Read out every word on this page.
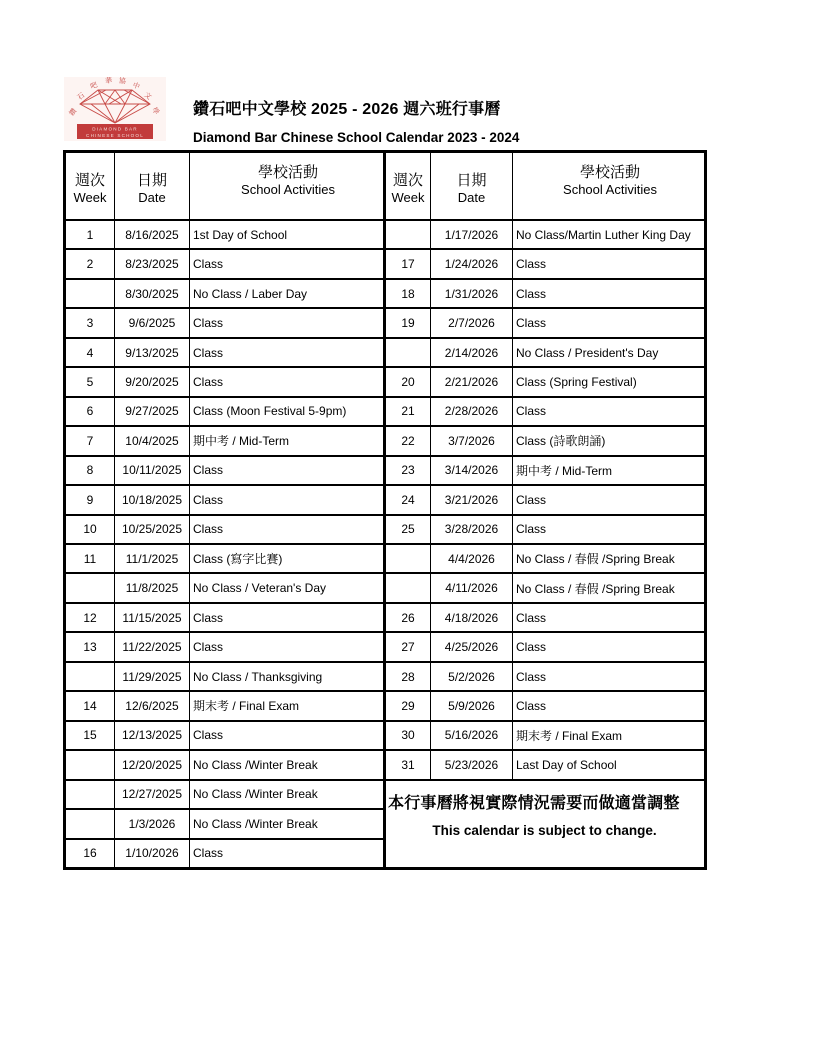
鑽
石
吧 華 協
中
文
學
DIAMOND BAR
CHINESE SCHOOL
鑽石吧中文學校 2025 - 2026 週六班行事曆
Diamond Bar Chinese School Calendar 2023 - 2024
週次
Week
日期
Date
學校活動
School Activities
1	8/16/2025	1st Day of School
2	8/23/2025	Class
8/30/2025	No Class / Laber Day
3	9/6/2025	Class
4	9/13/2025	Class
5	9/20/2025	Class
6	9/27/2025	Class (Moon Festival 5-9pm)
7	10/4/2025	期中考 / Mid-Term
8	10/11/2025 Class
9	10/18/2025 Class
10	10/25/2025 Class
11	11/1/2025	Class (寫字比賽)
11/8/2025	No Class / Veteran's Day
12	11/15/2025 Class
13	11/22/2025 Class
11/29/2025 No Class / Thanksgiving
14	12/6/2025	期末考 / Final Exam
15	12/13/2025 Class
12/20/2025 No Class /Winter Break
12/27/2025 No Class /Winter Break
1/3/2026	No Class /Winter Break
16	1/10/2026	Class
週次
Week
日期
Date
學校活動
School Activities
1/17/2026	No Class/Martin Luther King Day
17	1/24/2026	Class
18	1/31/2026	Class
19	2/7/2026	Class
2/14/2026	No Class / President's Day
20	2/21/2026	Class (Spring Festival)
21	2/28/2026	Class
22	3/7/2026	Class (詩歌朗誦)
23	3/14/2026	期中考 / Mid-Term
24	3/21/2026	Class
25	3/28/2026	Class
4/4/2026	No Class / 春假 /Spring Break
4/11/2026	No Class / 春假 /Spring Break
26	4/18/2026	Class
27	4/25/2026	Class
28	5/2/2026	Class
29	5/9/2026	Class
30	5/16/2026	期末考 / Final Exam
31	5/23/2026	Last Day of School
本行事曆將視實際情況需要而做適當調整
This calendar is subject to change.
